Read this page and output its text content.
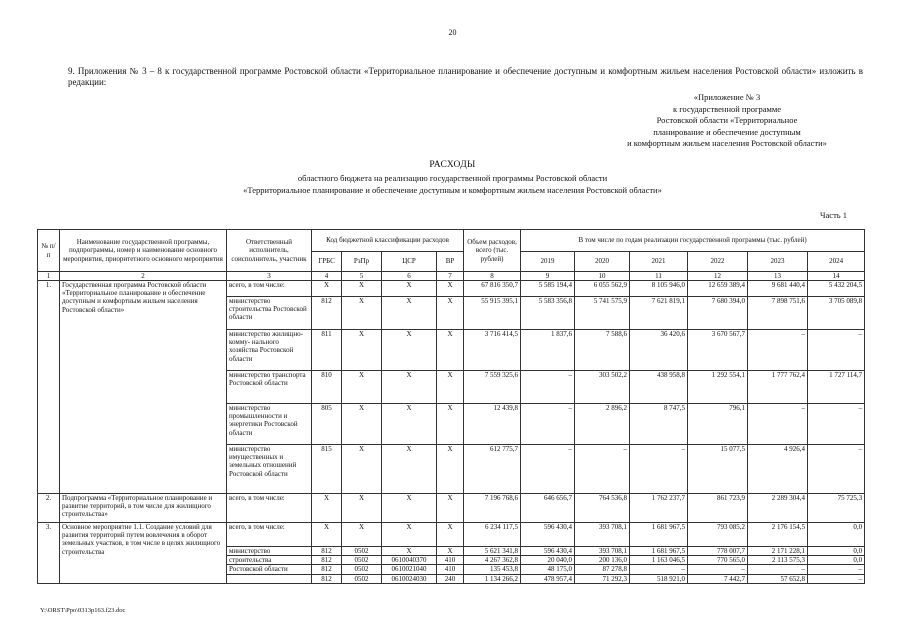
20
9. Приложения № 3 – 8 к государственной программе Ростовской области «Территориальное планирование и обеспечение доступным и комфортным жильем населения Ростовской области» изложить в редакции:
«Приложение № 3
к государственной программе
Ростовской области «Территориальное
планирование и обеспечение доступным
и комфортным жильем населения Ростовской области»
РАСХОДЫ
областного бюджета на реализацию государственной программы Ростовской области
«Территориальное планирование и обеспечение доступным и комфортным жильем населения Ростовской области»
Часть 1
№ п/п	Наименование государственной программы, подпрограммы, номер и наименование основного мероприятия, приоритетного основного мероприятия	Ответственный исполнитель, соисполнитель, участник	Код бюджетной классификации расходов				Объем расходов, всего (тыс. рублей)	В том числе по годам реализации государственной программы (тыс. рублей)					
			ГРБС	РзПр	ЦСР	ВР		2019	2020	2021	2022	2023	2024
1	2	3	4	5	6	7	8	9	10	11	12	13	14
1.	Государственная программа Ростовской области «Территориальное планирование и обеспечение доступным и комфортным жильем населения Ростовской области»	всего, в том числе:	X	X	X	X	67 816 350,7	5 585 194,4	6 055 562,9	8 105 946,0	12 659 389,4	9 681 440,4	5 432 204,5
		министерство строительства Ростовской области	812	X	X	X	55 915 395,1	5 583 356,8	5 741 575,9	7 621 819,1	7 680 394,0	7 898 751,6	3 705 089,8
		министерство жилищно-комму- нального хозяйства Ростовской области	811	X	X	X	3 716 414,5	1 837,6	7 588,6	36 420,6	3 670 567,7	–	–
		министерство транспорта Ростовской области	810	X	X	X	7 559 325,6	–	303 502,2	438 958,8	1 292 554,1	1 777 762,4	1 727 114,7
		министерство промышленности и энергетики Ростовской области	805	X	X	X	12 439,8	–	2 896,2	8 747,5	796,1	–	–
		министерство имущественных и земельных отношений Ростовской области	815	X	X	X	612 775,7	–	–	–	15 077,5	4 926,4	–
2.	Подпрограмма «Территориальное планирование и развитие территорий, в том числе для жилищного строительства»	всего, в том числе:	X	X	X	X	7 196 768,6	646 656,7	764 536,8	1 762 237,7	861 723,9	2 289 304,4	75 725,3
3.	Основное мероприятие 1.1. Создание условий для развития территорий путем вовлечения в оборот земельных участков, в том числе в целях жилищного строительства	всего, в том числе:	X	X	X	X	6 234 117,5	596 430,4	393 708,1	1 681 967,5	793 085,2	2 176 154,5	0,0
		министерство	812	0502	X	X	5 621 341,8	596 430,4	393 708,1	1 681 967,5	778 007,7	2 171 228,1	0,0
		строительства	812	0502	0610040370	410	4 267 362,8	20 040,0	200 136,0	1 163 046,5	770 565,0	2 113 575,3	0,0
		Ростовской области	812	0502	0610021040	410	135 453,8	48 175,0	87 278,8	–	–	–	–
			812	0502	0610024030	240	1 134 266,2	478 957,4	71 292,3	518 921,0	7 442,7	57 652,8	–
Y:\ORST\Ppo\0313p163.f23.doc
